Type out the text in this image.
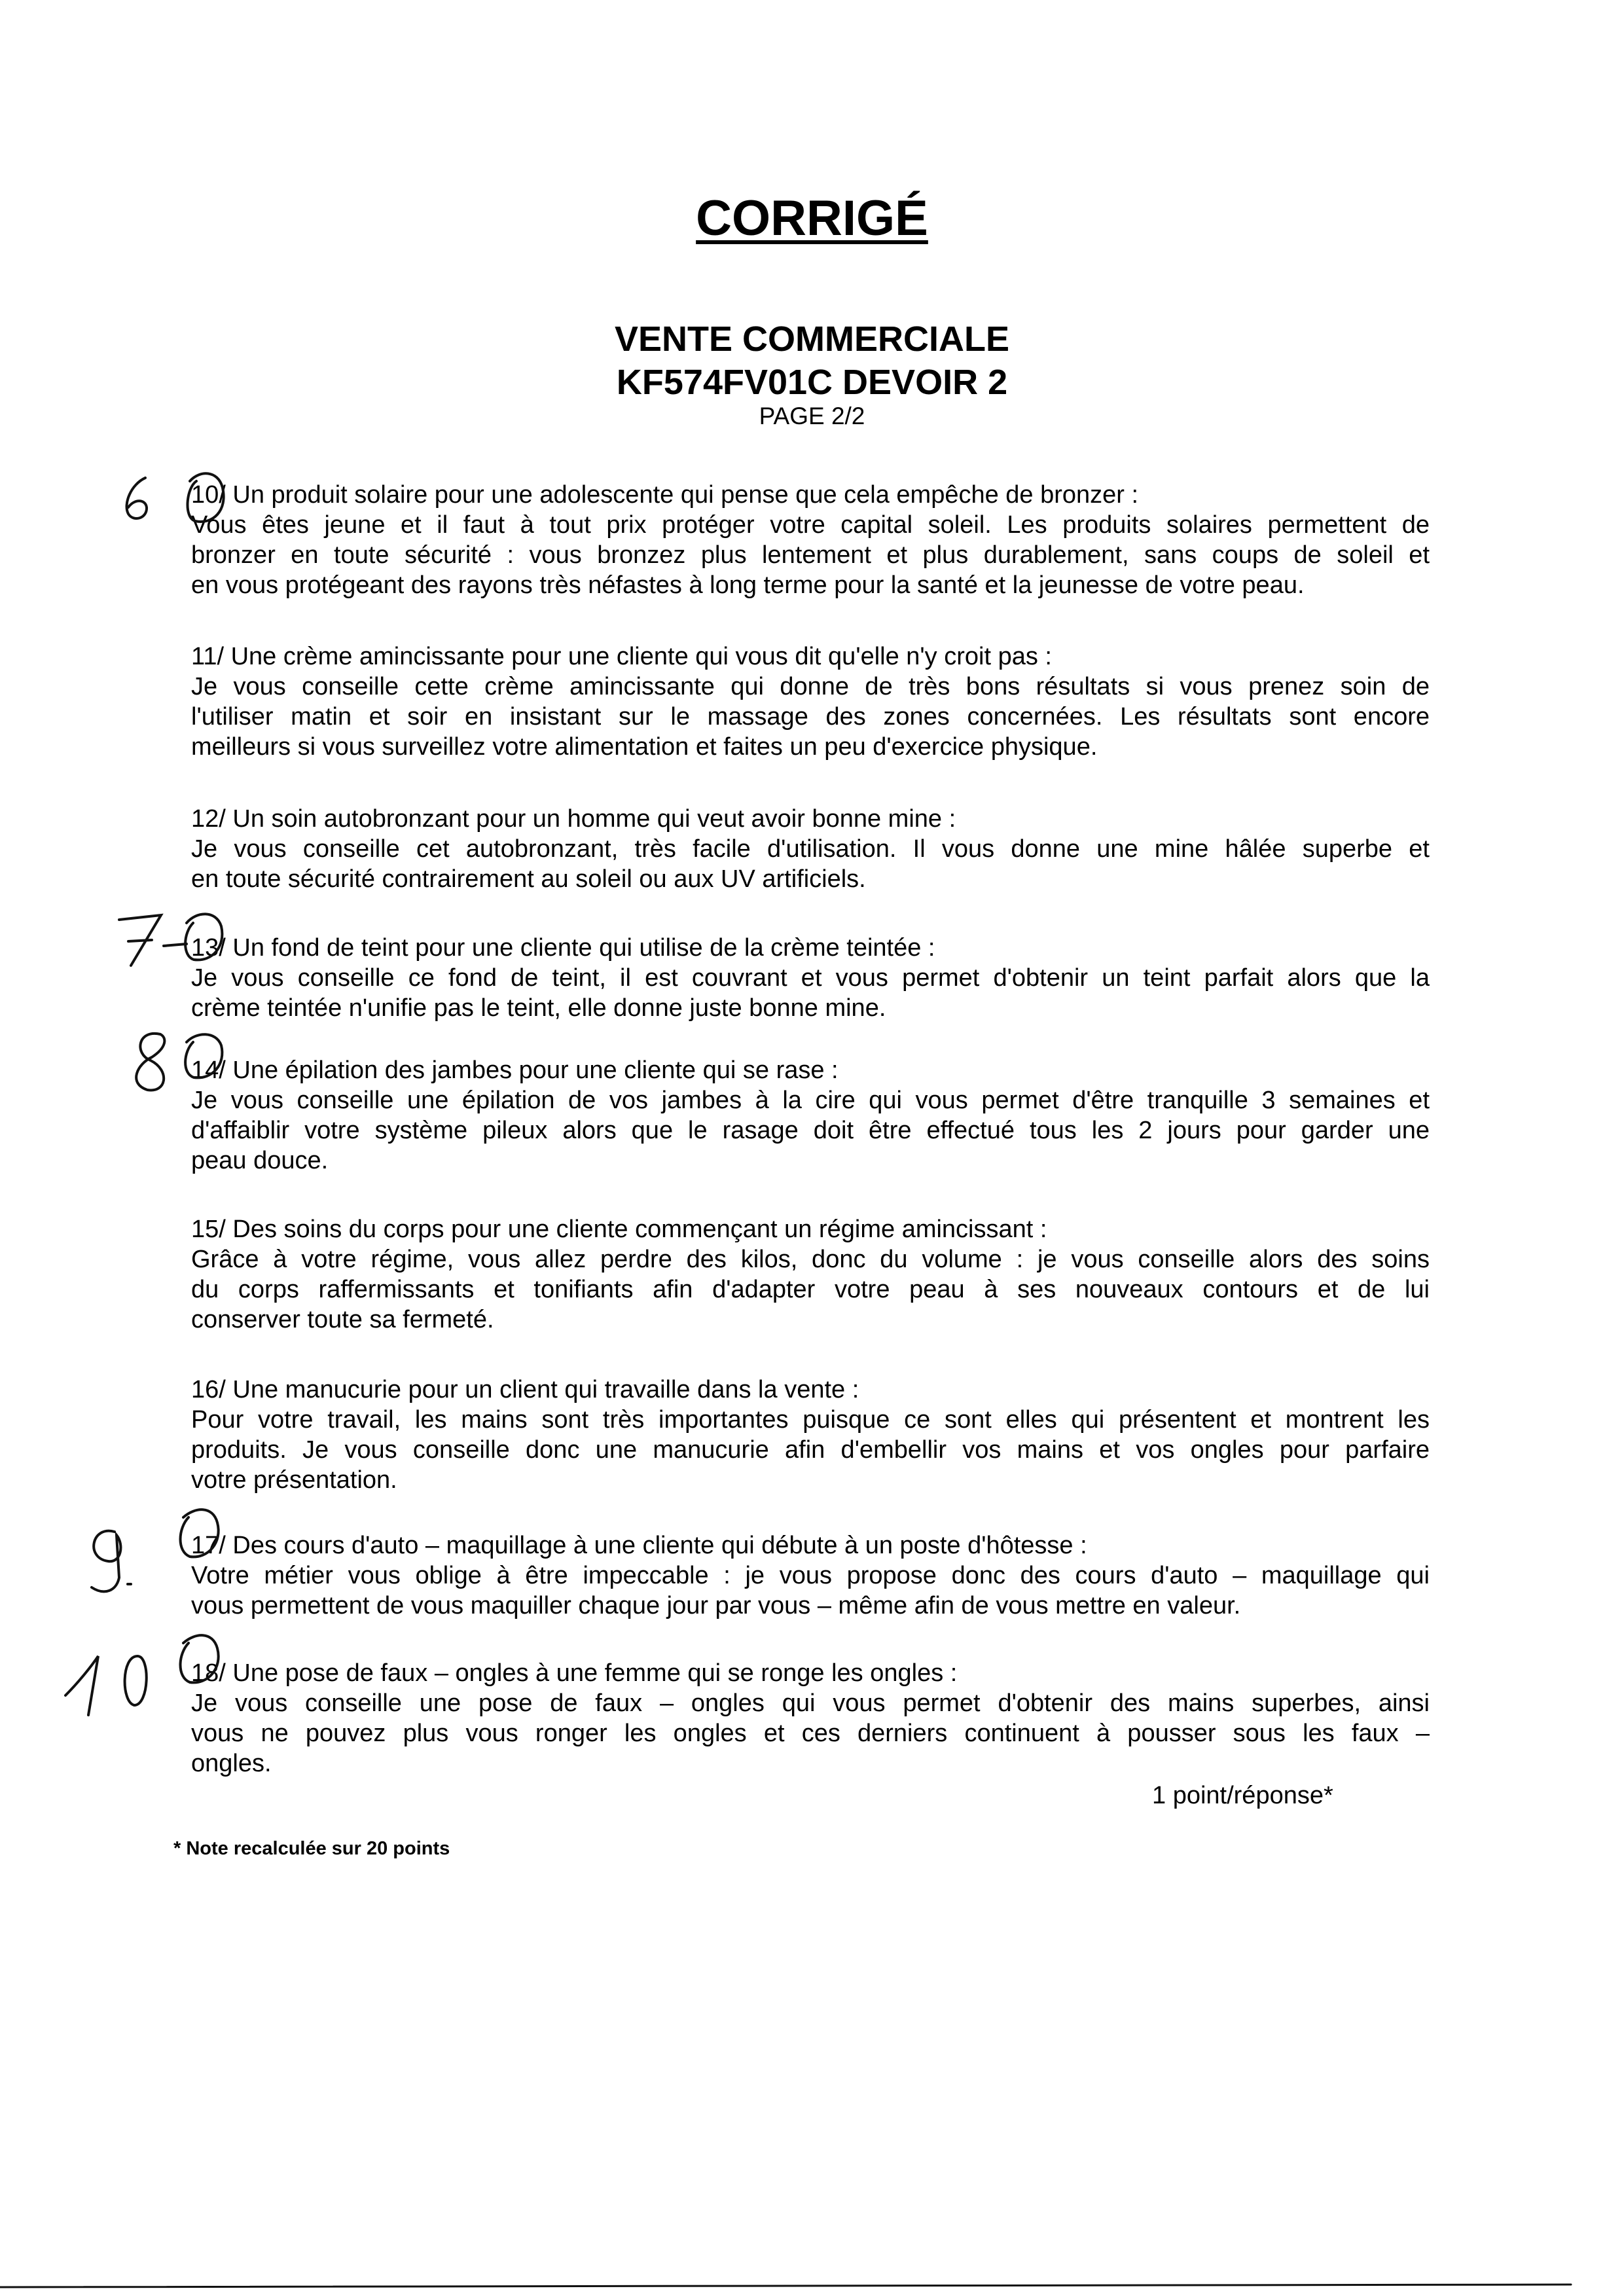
CORRIGÉ
VENTE COMMERCIALE
KF574FV01C DEVOIR 2
PAGE 2/2
10/ Un produit solaire pour une adolescente qui pense que cela empêche de bronzer :
Vous êtes jeune et il faut à tout prix protéger votre capital soleil. Les produits solaires permettent de
bronzer en toute sécurité : vous bronzez plus lentement et plus durablement, sans coups de soleil et
en vous protégeant des rayons très néfastes à long terme pour la santé et la jeunesse de votre peau.
11/ Une crème amincissante pour une cliente qui vous dit qu'elle n'y croit pas :
Je vous conseille cette crème amincissante qui donne de très bons résultats si vous prenez soin de
l'utiliser matin et soir en insistant sur le massage des zones concernées. Les résultats sont encore
meilleurs si vous surveillez votre alimentation et faites un peu d'exercice physique.
12/ Un soin autobronzant pour un homme qui veut avoir bonne mine :
Je vous conseille cet autobronzant, très facile d'utilisation. Il vous donne une mine hâlée superbe et
en toute sécurité contrairement au soleil ou aux UV artificiels.
13/ Un fond de teint pour une cliente qui utilise de la crème teintée :
Je vous conseille ce fond de teint, il est couvrant et vous permet d'obtenir un teint parfait alors que la
crème teintée n'unifie pas le teint, elle donne juste bonne mine.
14/ Une épilation des jambes pour une cliente qui se rase :
Je vous conseille une épilation de vos jambes à la cire qui vous permet d'être tranquille 3 semaines et
d'affaiblir votre système pileux alors que le rasage doit être effectué tous les 2 jours pour garder une
peau douce.
15/ Des soins du corps pour une cliente commençant un régime amincissant :
Grâce à votre régime, vous allez perdre des kilos, donc du volume : je vous conseille alors des soins
du corps raffermissants et tonifiants afin d'adapter votre peau à ses nouveaux contours et de lui
conserver toute sa fermeté.
16/ Une manucurie pour un client qui travaille dans la vente :
Pour votre travail, les mains sont très importantes puisque ce sont elles qui présentent et montrent les
produits. Je vous conseille donc une manucurie afin d'embellir vos mains et vos ongles pour parfaire
votre présentation.
17/ Des cours d'auto – maquillage à une cliente qui débute à un poste d'hôtesse :
Votre métier vous oblige à être impeccable : je vous propose donc des cours d'auto – maquillage qui
vous permettent de vous maquiller chaque jour par vous – même afin de vous mettre en valeur.
18/ Une pose de faux – ongles à une femme qui se ronge les ongles :
Je vous conseille une pose de faux – ongles qui vous permet d'obtenir des mains superbes, ainsi
vous ne pouvez plus vous ronger les ongles et ces derniers continuent à pousser sous les faux –
ongles.
1 point/réponse*
* Note recalculée sur 20 points
